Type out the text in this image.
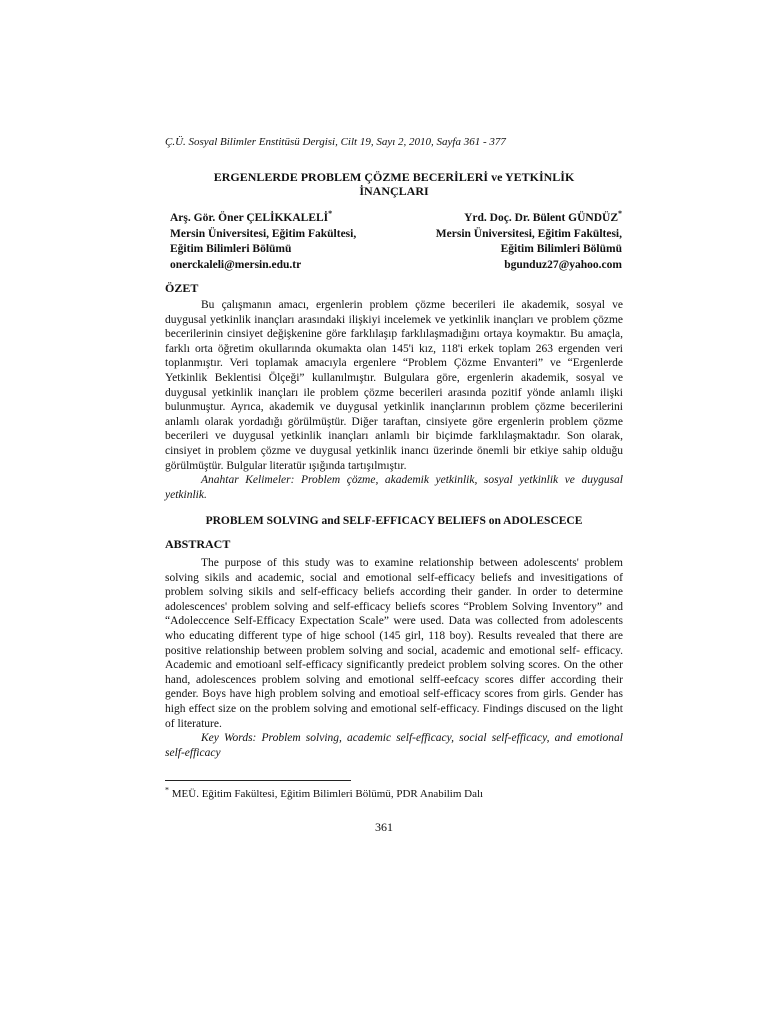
Ç.Ü. Sosyal Bilimler Enstitüsü Dergisi, Cilt 19, Sayı 2, 2010, Sayfa 361 - 377
ERGENLERDE PROBLEM ÇÖZME BECERİLERİ ve YETKİNLİK
İNANÇLARI
Arş. Gör. Öner ÇELİKKALELİ*
Mersin Üniversitesi, Eğitim Fakültesi,
Eğitim Bilimleri Bölümü
onerckaleli@mersin.edu.tr
Yrd. Doç. Dr. Bülent GÜNDÜZ*
Mersin Üniversitesi, Eğitim Fakültesi,
Eğitim Bilimleri Bölümü
bgunduz27@yahoo.com
ÖZET

Bu çalışmanın amacı, ergenlerin problem çözme becerileri ile akademik, sosyal ve duygusal yetkinlik inançları arasındaki ilişkiyi incelemek ve yetkinlik inançları ve problem çözme becerilerinin cinsiyet değişkenine göre farklılaşıp farklılaşmadığını ortaya koymaktır. Bu amaçla, farklı orta öğretim okullarında okumakta olan 145'i kız, 118'i erkek toplam 263 ergenden veri toplanmıştır. Veri toplamak amacıyla ergenlere “Problem Çözme Envanteri” ve “Ergenlerde Yetkinlik Beklentisi Ölçeği” kullanılmıştır. Bulgulara göre, ergenlerin akademik, sosyal ve duygusal yetkinlik inançları ile problem çözme becerileri arasında pozitif yönde anlamlı ilişki bulunmuştur. Ayrıca, akademik ve duygusal yetkinlik inançlarının problem çözme becerilerini anlamlı olarak yordadığı görülmüştür. Diğer taraftan, cinsiyete göre ergenlerin problem çözme becerileri ve duygusal yetkinlik inançları anlamlı bir biçimde farklılaşmaktadır. Son olarak, cinsiyet in problem çözme ve duygusal yetkinlik inancı üzerinde önemli bir etkiye sahip olduğu görülmüştür. Bulgular literatür ışığında tartışılmıştır.

Anahtar Kelimeler: Problem çözme, akademik yetkinlik, sosyal yetkinlik ve duygusal yetkinlik.

PROBLEM SOLVING and SELF-EFFICACY BELIEFS on ADOLESCECE
ABSTRACT

The purpose of this study was to examine relationship between adolescents' problem solving sikils and academic, social and emotional self-efficacy beliefs and invesitigations of problem solving sikils and self-efficacy beliefs according their gander. In order to determine adolescences' problem solving and self-efficacy beliefs scores “Problem Solving Inventory” and “Adoleccence Self-Efficacy Expectation Scale” were used. Data was collected from adolescents who educating different type of hige school (145 girl, 118 boy). Results revealed that there are positive relationship between problem solving and social, academic and emotional self- efficacy. Academic and emotioanl self-efficacy significantly predeict problem solving scores. On the other hand, adolescences problem solving and emotional selff-eefcacy scores differ according their gender. Boys have high problem solving and emotioal self-efficacy scores from girls. Gender has high effect size on the problem solving and emotional self-efficacy. Findings discused on the light of literature.

Key Words: Problem solving, academic self-efficacy, social self-efficacy, and emotional self-efficacy

* MEÜ. Eğitim Fakültesi, Eğitim Bilimleri Bölümü, PDR Anabilim Dalı
361
